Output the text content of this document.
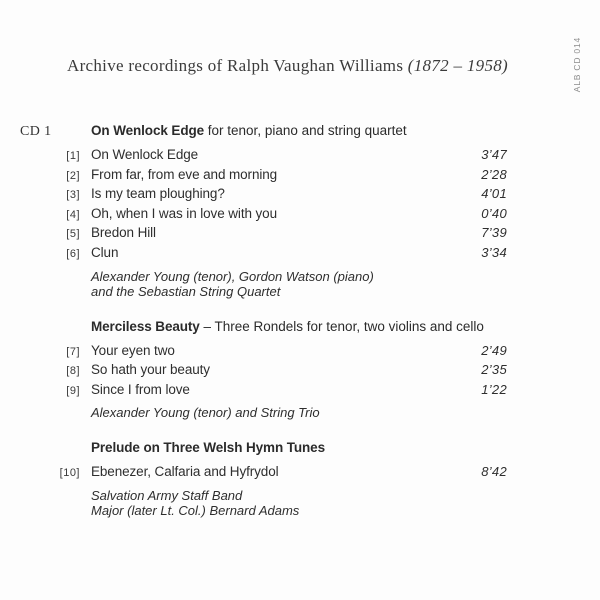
Archive recordings of Ralph Vaughan Williams (1872 – 1958)	ALB CD 014
CD 1	On Wenlock Edge for tenor, piano and string quartet
[1] On Wenlock Edge	3’47
[2] From far, from eve and morning	2’28
[3] Is my team ploughing?	4’01
[4] Oh, when I was in love with you	0’40
[5] Bredon Hill	7’39
[6] Clun	3’34
Alexander Young (tenor), Gordon Watson (piano)
and the Sebastian String Quartet
Merciless Beauty – Three Rondels for tenor, two violins and cello
[7] Your eyen two	2’49
[8] So hath your beauty	2’35
[9] Since I from love	1’22
Alexander Young (tenor) and String Trio
Prelude on Three Welsh Hymn Tunes
[10] Ebenezer, Calfaria and Hyfrydol	8’42
Salvation Army Staff Band
Major (later Lt. Col.) Bernard Adams
